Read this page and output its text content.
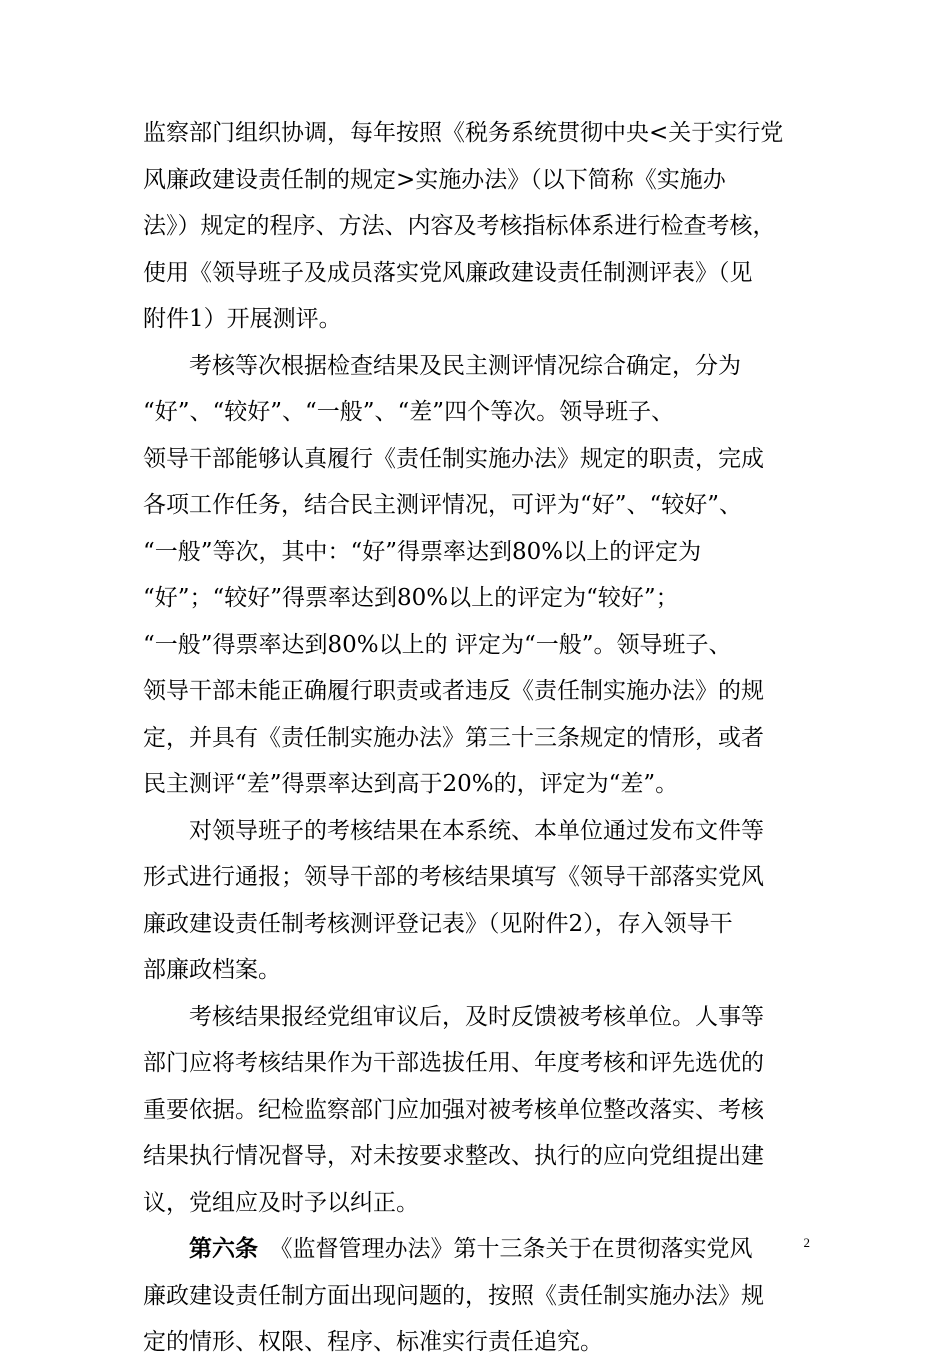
监察部门组织协调，每年按照《税务系统贯彻中央<关于实行党
风廉政建设责任制的规定>实施办法》（以下简称《实施办
法》）规定的程序、方法、内容及考核指标体系进行检查考核，
使用《领导班子及成员落实党风廉政建设责任制测评表》（见
附件1）开展测评。
　　考核等次根据检查结果及民主测评情况综合确定，分为
“好”、“较好”、“一般”、“差”四个等次。领导班子、
领导干部能够认真履行《责任制实施办法》规定的职责，完成
各项工作任务，结合民主测评情况，可评为“好”、“较好”、
“一般”等次，其中：“好”得票率达到80%以上的评定为
“好”；“较好”得票率达到80%以上的评定为“较好”；
“一般”得票率达到80%以上的 评定为“一般”。领导班子、
领导干部未能正确履行职责或者违反《责任制实施办法》的规
定，并具有《责任制实施办法》第三十三条规定的情形，或者
民主测评“差”得票率达到高于20%的，评定为“差”。
　　对领导班子的考核结果在本系统、本单位通过发布文件等
形式进行通报；领导干部的考核结果填写《领导干部落实党风
廉政建设责任制考核测评登记表》（见附件2），存入领导干
部廉政档案。
　　考核结果报经党组审议后，及时反馈被考核单位。人事等
部门应将考核结果作为干部选拔任用、年度考核和评先选优的
重要依据。纪检监察部门应加强对被考核单位整改落实、考核
结果执行情况督导，对未按要求整改、执行的应向党组提出建
议，党组应及时予以纠正。
第六条　《监督管理办法》第十三条关于在贯彻落实党风
廉政建设责任制方面出现问题的，按照《责任制实施办法》规
定的情形、权限、程序、标准实行责任追究。
2
